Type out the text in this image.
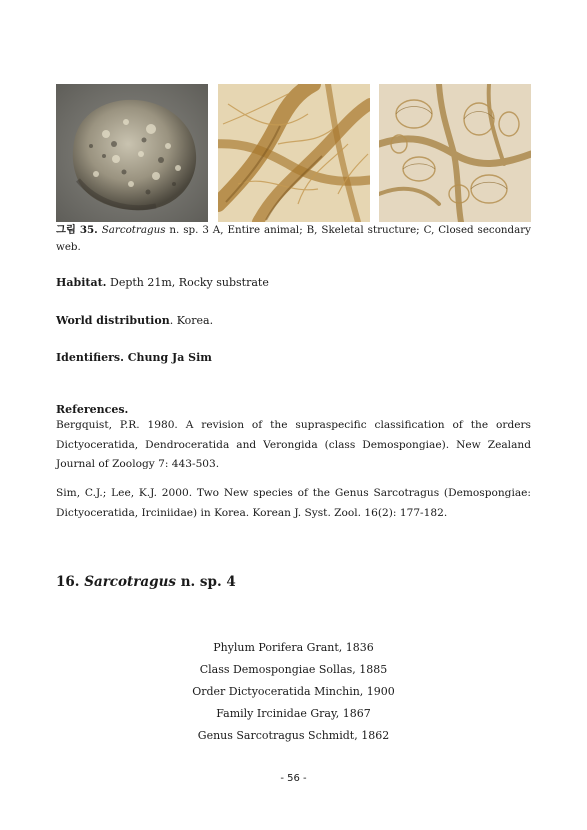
그림 35. Sarcotragus n. sp. 3 A, Entire animal; B, Skeletal structure; C, Closed secondary web.
Habitat. Depth 21m, Rocky substrate
World distribution. Korea.
Identifiers. Chung Ja Sim
References.
Bergquist, P.R. 1980. A revision of the supraspecific classification of the orders Dictyoceratida, Dendroceratida and Verongida (class Demospongiae). New Zealand Journal of Zoology 7: 443-503.
Sim, C.J.; Lee, K.J. 2000. Two New species of the Genus Sarcotragus (Demospongiae: Dictyoceratida, Irciniidae) in Korea. Korean J. Syst. Zool. 16(2): 177-182.
16. Sarcotragus n. sp. 4
Phylum Porifera Grant, 1836
Class Demospongiae Sollas, 1885
Order Dictyoceratida Minchin, 1900
Family Ircinidae Gray, 1867
Genus Sarcotragus Schmidt, 1862
- 56 -
